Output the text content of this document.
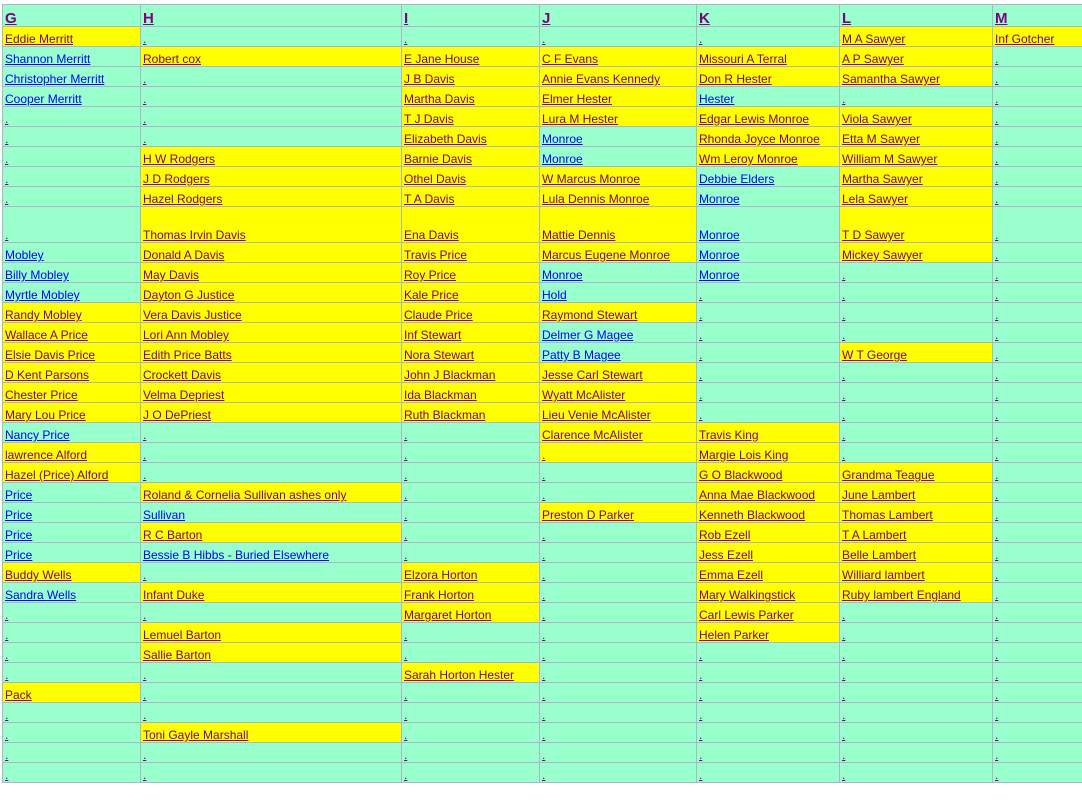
G	H	I	J	K	L	M
Eddie Merritt	.	.	.	.	M A Sawyer	Inf Gotcher
Shannon Merritt	Robert cox	E Jane House	C F Evans	Missouri A Terral	A P Sawyer	.
Christopher Merritt	.	J B Davis	Annie Evans Kennedy	Don R Hester	Samantha Sawyer	.
Cooper Merritt	.	Martha Davis	Elmer Hester	Hester	.	.
.	.	T J Davis	Lura M Hester	Edgar Lewis Monroe	Viola Sawyer	.
.	.	Elizabeth Davis	Monroe	Rhonda Joyce Monroe	Etta M Sawyer	.
.	H W Rodgers	Barnie Davis	Monroe	Wm Leroy Monroe	William M Sawyer	.
.	J D Rodgers	Othel Davis	W Marcus Monroe	Debbie Elders	Martha Sawyer	.
.	Hazel Rodgers	T A Davis	Lula Dennis Monroe	Monroe	Lela Sawyer	.
.	Thomas Irvin Davis	Ena Davis	Mattie Dennis	Monroe	T D Sawyer	.
Mobley	Donald A Davis	Travis Price	Marcus Eugene Monroe	Monroe	Mickey Sawyer	.
Billy Mobley	May Davis	Roy Price	Monroe	Monroe	.	.
Myrtle Mobley	Dayton G Justice	Kale Price	Hold	.	.	.
Randy Mobley	Vera Davis Justice	Claude Price	Raymond Stewart	.	.	.
Wallace A Price	Lori Ann Mobley	Inf Stewart	Delmer G Magee	.	.	.
Elsie Davis Price	Edith Price Batts	Nora Stewart	Patty B Magee	.	W T George	.
D Kent Parsons	Crockett Davis	John J Blackman	Jesse Carl Stewart	.	.	.
Chester Price	Velma Depriest	Ida Blackman	Wyatt McAlister	.	.	.
Mary Lou Price	J O DePriest	Ruth Blackman	Lieu Venie McAlister	.	.	.
Nancy Price	.	.	Clarence McAlister	Travis King	.	.
lawrence Alford	.	.	.	Margie Lois King	.	.
Hazel (Price) Alford	.	.	.	G O Blackwood	Grandma Teague	.
Price	Roland & Cornelia Sullivan ashes only	.	.	Anna Mae Blackwood	June Lambert	.
Price	Sullivan	.	Preston D Parker	Kenneth Blackwood	Thomas Lambert	.
Price	R C Barton	.	.	Rob Ezell	T A Lambert	.
Price	Bessie B Hibbs - Buried Elsewhere	.	.	Jess Ezell	Belle Lambert	.
Buddy Wells	.	Elzora Horton	.	Emma Ezell	Williard lambert	.
Sandra Wells	Infant Duke	Frank Horton	.	Mary Walkingstick	Ruby lambert England	.
.	.	Margaret Horton	.	Carl Lewis Parker	.	.
.	Lemuel Barton	.	.	Helen Parker	.	.
.	Sallie Barton	.	.	.	.	.
.	.	Sarah Horton Hester	.	.	.	.
Pack	.	.	.	.	.	.
.	.	.	.	.	.	.
.	Toni Gayle Marshall	.	.	.	.	.
.	.	.	.	.	.	.
.	.	.	.	.	.	.
